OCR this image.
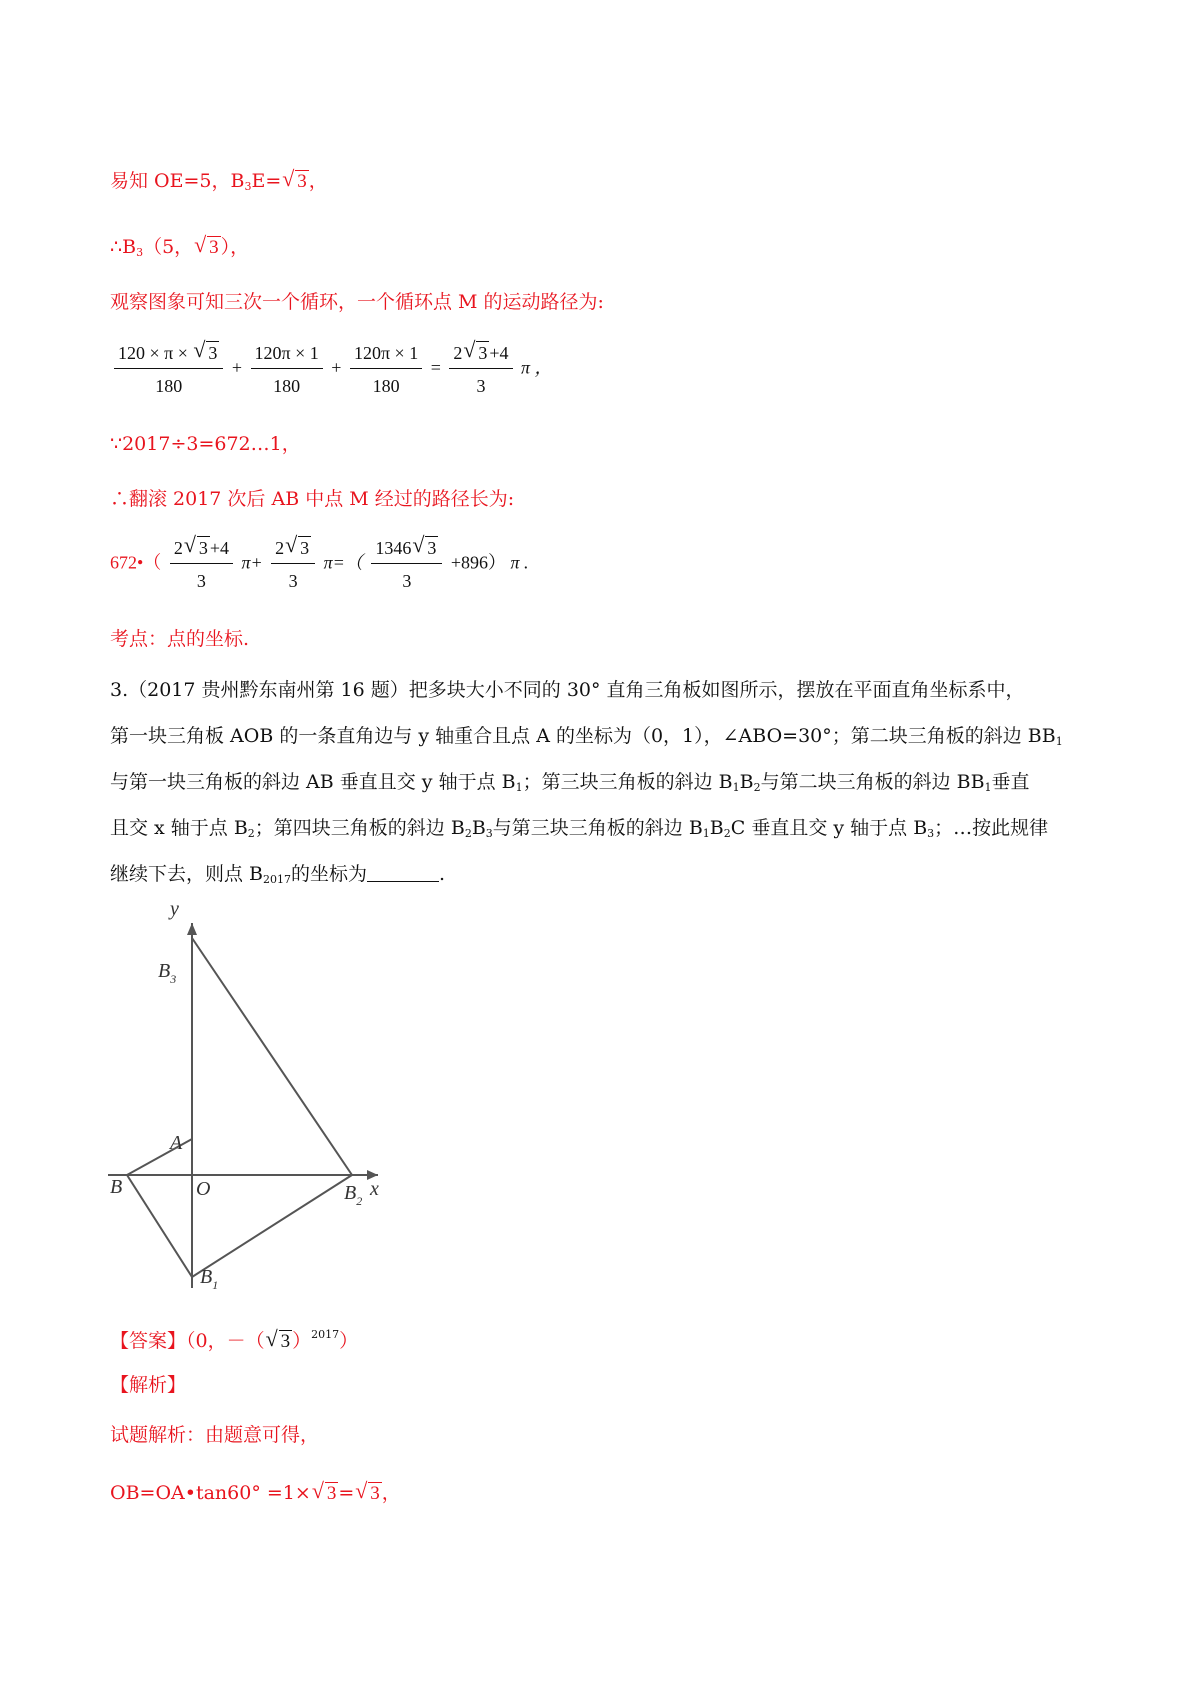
易知 OE=5，$B_3E=√$ 3 ，
$\therefore B_3(5$，√ 3 ），
观察图象可知三次一个循环，一个循环点 M 的运动路径为:
$\frac{120 \times \pi \times √ 3}{180} + \frac{120\pi \times 1}{180} + \frac{120\pi \times 1}{180} = \frac{2√ 3 +4}{3}$ π ，
∵2017÷3=672…1，
∴翻滚 2017 次后 AB 中点 M 经过的路径长为:
672•（ $\frac{2√ 3 +4}{3} \pi+ \frac{2√ 3}{3} \pi=( \frac{1346√ 3}{3} +896)$ π .
考点：点的坐标.
3.（2017 贵州黔东南州第 16 题）把多块大小不同的 30° 直角三角板如图所示，摆放在平面直角坐标系中，
第一块三角板 AOB 的一条直角边与 y 轴重合且点 A 的坐标为（0，1），∠ABO=30°；第二块三角板的斜边 $BB_1$
与第一块三角板的斜边 AB 垂直且交 y 轴于点 $B_1$；第三块三角板的斜边 $B_1B_2$与第二块三角板的斜边 $BB_1$垂直
且交 x 轴于点 $B_2$；第四块三角板的斜边 $B_2B_3$与第三块三角板的斜边 $B_1B_2C$ 垂直且交 y 轴于点 $B_3$；…按此规律
继续下去，则点 $B_{2017}$的坐标为	.
y
x
$B_3$
A
B	O	$B_2$
$B_1$
【答案】（0，－（√ 3 ）$^{2017}$）
【解析】
试题解析：由题意可得，
OB=OA•tan60° =1×√ 3 =√ 3 ，
